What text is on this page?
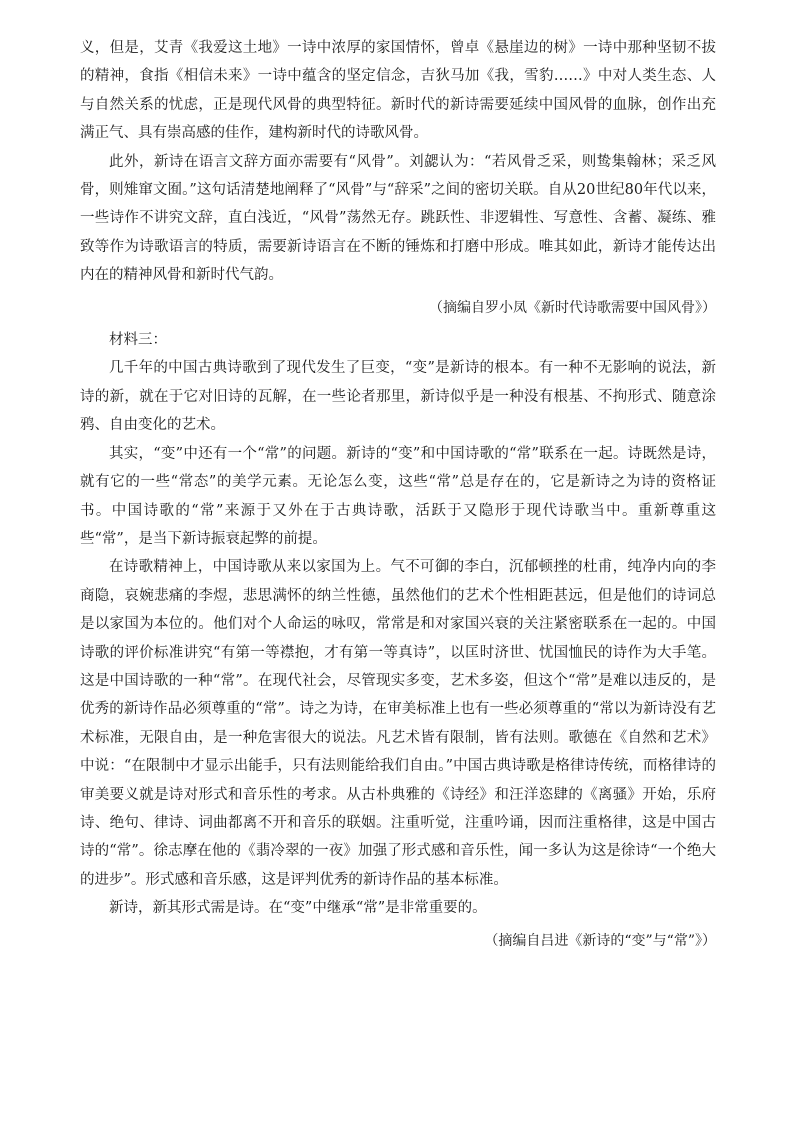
义，但是，艾青《我爱这土地》一诗中浓厚的家国情怀，曾卓《悬崖边的树》一诗中那种坚韧不拔的精神，食指《相信未来》一诗中蕴含的坚定信念，吉狄马加《我，雪豹……》中对人类生态、人与自然关系的忧虑，正是现代风骨的典型特征。新时代的新诗需要延续中国风骨的血脉，创作出充满正气、具有崇高感的佳作，建构新时代的诗歌风骨。

此外，新诗在语言文辞方面亦需要有“风骨”。刘勰认为：“若风骨乏采，则鸷集翰林；采乏风骨，则雉窜文囿。”这句话清楚地阐释了“风骨”与“辞采”之间的密切关联。自从20世纪80年代以来，一些诗作不讲究文辞，直白浅近，“风骨”荡然无存。跳跃性、非逻辑性、写意性、含蓄、凝练、雅致等作为诗歌语言的特质，需要新诗语言在不断的锤炼和打磨中形成。唯其如此，新诗才能传达出内在的精神风骨和新时代气韵。

（摘编自罗小凤《新时代诗歌需要中国风骨》）

材料三：

几千年的中国古典诗歌到了现代发生了巨变，“变”是新诗的根本。有一种不无影响的说法，新诗的新，就在于它对旧诗的瓦解，在一些论者那里，新诗似乎是一种没有根基、不拘形式、随意涂鸦、自由变化的艺术。

其实，“变”中还有一个“常”的问题。新诗的“变”和中国诗歌的“常”联系在一起。诗既然是诗，就有它的一些“常态”的美学元素。无论怎么变，这些“常”总是存在的，它是新诗之为诗的资格证书。中国诗歌的“常”来源于又外在于古典诗歌，活跃于又隐形于现代诗歌当中。重新尊重这些“常”，是当下新诗振衰起弊的前提。

在诗歌精神上，中国诗歌从来以家国为上。气不可御的李白，沉郁顿挫的杜甫，纯净内向的李商隐，哀婉悲痛的李煜，悲思满怀的纳兰性德，虽然他们的艺术个性相距甚远，但是他们的诗词总是以家国为本位的。他们对个人命运的咏叹，常常是和对家国兴衰的关注紧密联系在一起的。中国诗歌的评价标准讲究“有第一等襟抱，才有第一等真诗”，以匡时济世、忧国恤民的诗作为大手笔。这是中国诗歌的一种“常”。在现代社会，尽管现实多变，艺术多姿，但这个“常”是难以违反的，是优秀的新诗作品必须尊重的“常”。诗之为诗，在审美标准上也有一些必须尊重的“常以为新诗没有艺术标准，无限自由，是一种危害很大的说法。凡艺术皆有限制，皆有法则。歌德在《自然和艺术》中说：“在限制中才显示出能手，只有法则能给我们自由。”中国古典诗歌是格律诗传统，而格律诗的审美要义就是诗对形式和音乐性的考求。从古朴典雅的《诗经》和汪洋恣肆的《离骚》开始，乐府诗、绝句、律诗、词曲都离不开和音乐的联姻。注重听觉，注重吟诵，因而注重格律，这是中国古诗的“常”。徐志摩在他的《翡冷翠的一夜》加强了形式感和音乐性，闻一多认为这是徐诗“一个绝大的进步”。形式感和音乐感，这是评判优秀的新诗作品的基本标准。

新诗，新其形式需是诗。在“变”中继承“常”是非常重要的。

（摘编自吕进《新诗的“变”与“常”》）
